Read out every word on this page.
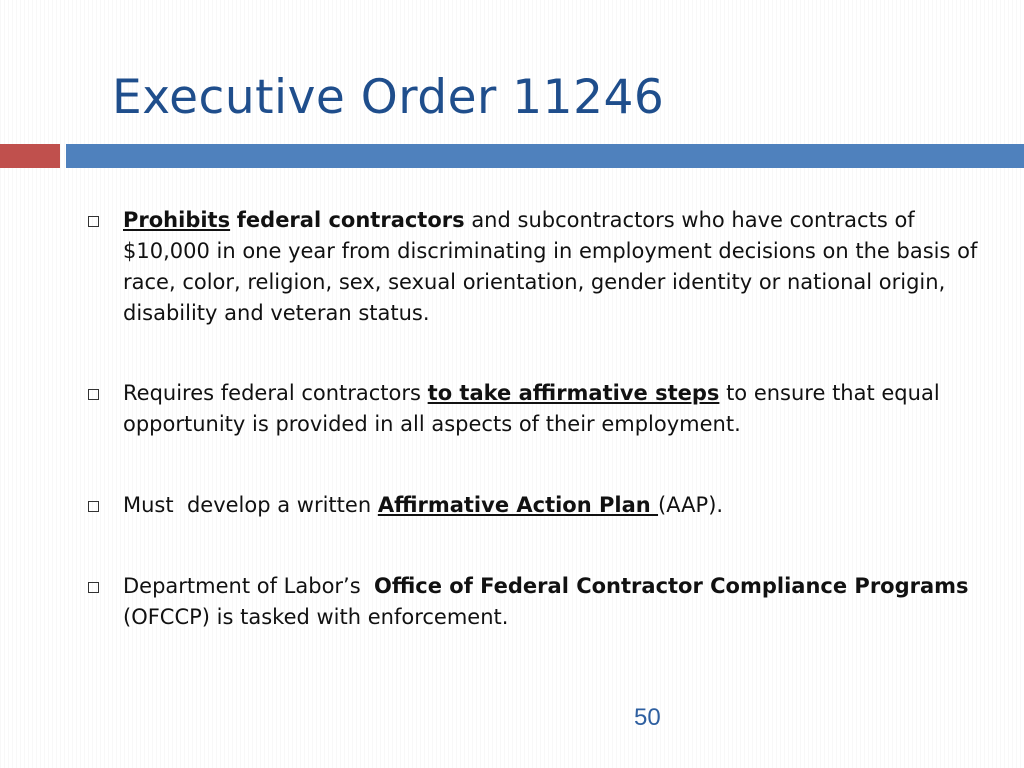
Executive Order 11246
Prohibits federal contractors and subcontractors who have contracts of $10,000 in one year from discriminating in employment decisions on the basis of race, color, religion, sex, sexual orientation, gender identity or national origin, disability and veteran status.
Requires federal contractors to take affirmative steps to ensure that equal opportunity is provided in all aspects of their employment.
Must  develop a written Affirmative Action Plan (AAP).
Department of Labor’s  Office of Federal Contractor Compliance Programs (OFCCP) is tasked with enforcement.
50
